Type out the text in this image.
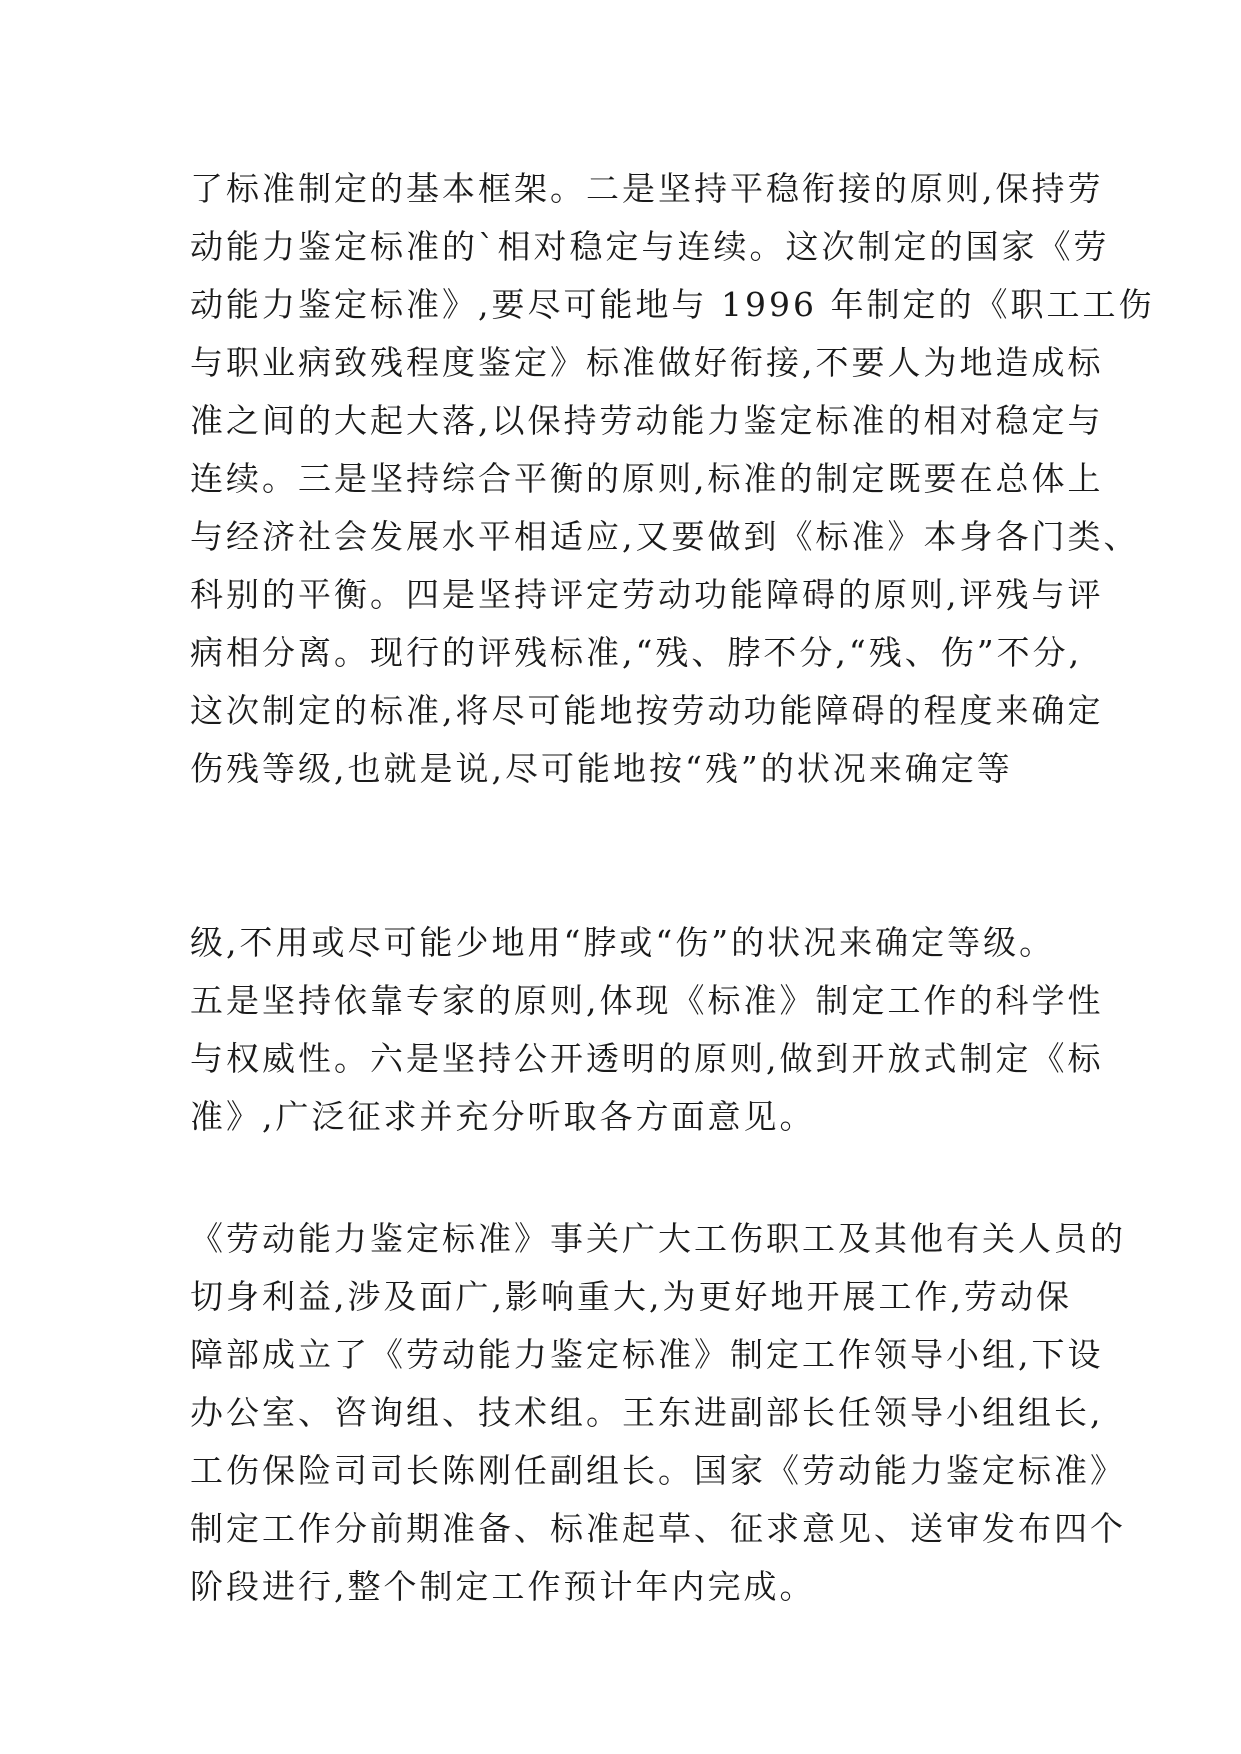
了标准制定的基本框架。二是坚持平稳衔接的原则,保持劳
动能力鉴定标准的`相对稳定与连续。这次制定的国家《劳
动能力鉴定标准》,要尽可能地与 1996 年制定的《职工工伤
与职业病致残程度鉴定》标准做好衔接,不要人为地造成标
准之间的大起大落,以保持劳动能力鉴定标准的相对稳定与
连续。三是坚持综合平衡的原则,标准的制定既要在总体上
与经济社会发展水平相适应,又要做到《标准》本身各门类、
科别的平衡。四是坚持评定劳动功能障碍的原则,评残与评
病相分离。现行的评残标准,“残、脖不分,“残、伤”不分,
这次制定的标准,将尽可能地按劳动功能障碍的程度来确定
伤残等级,也就是说,尽可能地按“残”的状况来确定等
级,不用或尽可能少地用“脖或“伤”的状况来确定等级。
五是坚持依靠专家的原则,体现《标准》制定工作的科学性
与权威性。六是坚持公开透明的原则,做到开放式制定《标
准》,广泛征求并充分听取各方面意见。
《劳动能力鉴定标准》事关广大工伤职工及其他有关人员的
切身利益,涉及面广,影响重大,为更好地开展工作,劳动保
障部成立了《劳动能力鉴定标准》制定工作领导小组,下设
办公室、咨询组、技术组。王东进副部长任领导小组组长,
工伤保险司司长陈刚任副组长。国家《劳动能力鉴定标准》
制定工作分前期准备、标准起草、征求意见、送审发布四个
阶段进行,整个制定工作预计年内完成。
